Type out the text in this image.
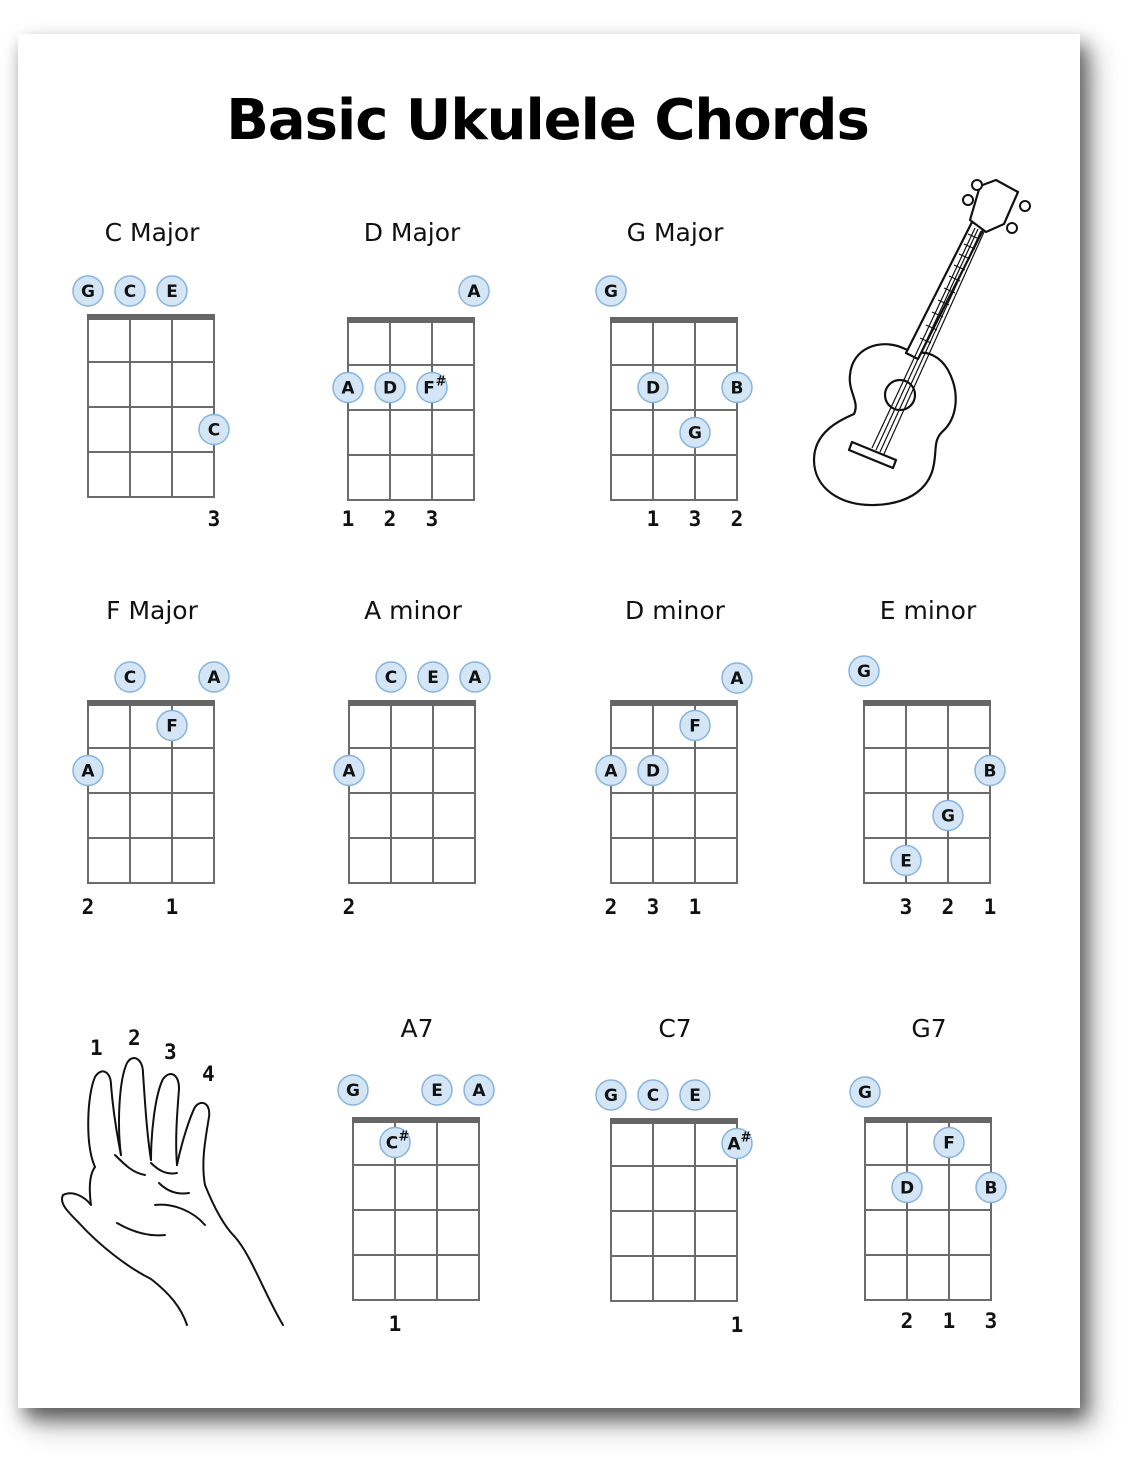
Basic Ukulele Chords
1 2
3
4
C Major
G C E
C
3
D Major
A
A D F #
1 2 3
G Major
G
D
G
B
1 3 2
F Major
C	A
F
A
2	1
A minor
C E A
A
2
D minor
A
F
A D
2 3 1
E minor
G
B
G
E
3 2 1
A7
G	E A
C #
1
C7
G C E
A #
1
G7
G
F
D	B
2 1 3
